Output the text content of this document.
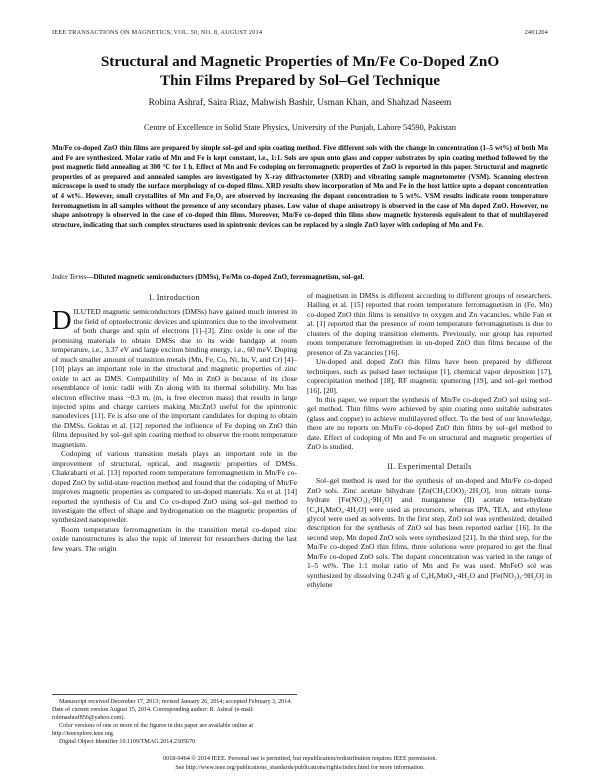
IEEE TRANSACTIONS ON MAGNETICS, VOL. 50, NO. 8, AUGUST 2014	2401204
Structural and Magnetic Properties of Mn/Fe Co-Doped ZnO
Thin Films Prepared by Sol–Gel Technique
Robina Ashraf, Saira Riaz, Mahwish Bashir, Usman Khan, and Shahzad Naseem
Centre of Excellence in Solid State Physics, University of the Punjab, Lahore 54590, Pakistan
Mn/Fe co-doped ZnO thin films are prepared by simple sol–gel and spin coating method. Five different sols with the change in concentration (1–5 wt%) of both Mn and Fe are synthesized. Molar ratio of Mn and Fe is kept constant, i.e., 1:1. Sols are spun onto glass and copper substrates by spin coating method followed by the post magnetic field annealing at 300 °C for 1 h. Effect of Mn and Fe codoping on ferromagnetic properties of ZnO is reported in this paper. Structural and magnetic properties of as prepared and annealed samples are investigated by X-ray diffractometer (XRD) and vibrating sample magnetometer (VSM). Scanning electron microscope is used to study the surface morphology of co-doped films. XRD results show incorporation of Mn and Fe in the host lattice upto a dopant concentration of 4 wt%. However, small crystallites of Mn and Fe₂O₃ are observed by increasing the dopant concentration to 5 wt%. VSM results indicate room temperature ferromagnetism in all samples without the presence of any secondary phases. Low value of shape anisotropy is observed in the case of Mn doped ZnO. However, no shape anisotropy is observed in the case of co-doped thin films. Moreover, Mn/Fe co-doped thin films show magnetic hysteresis equivalent to that of multilayered structure, indicating that such complex structures used in spintronic devices can be replaced by a single ZnO layer with codoping of Mn and Fe.
Index Terms—Diluted magnetic semiconductors (DMSs), Fe/Mn co-doped ZnO, ferromagnetism, sol–gel.
I. Introduction

DILUTED magnetic semiconductors (DMSs) have gained much interest in the field of optoelectronic devices and spintronics due to the involvement of both charge and spin of electrons [1]–[3]. Zinc oxide is one of the promising materials to obtain DMSs due to its wide bandgap at room temperature, i.e., 3.37 eV and large exciton binding energy, i.e., 60 meV. Doping of much smaller amount of transition metals (Mn, Fe, Co, Ni, In, V, and Cr) [4]–[10] plays an important role in the structural and magnetic properties of zinc oxide to act as DMS. Compatibility of Mn in ZnO is because of its close resemblance of ionic radii with Zn along with its thermal solubility. Mn has electron effective mass ~0.3 mₑ (mₑ is free electron mass) that results in large injected spins and charge carriers making Mn:ZnO useful for the spintronic nanodevices [11]. Fe is also one of the important candidates for doping to obtain the DMSs. Goktas et al. [12] reported the influence of Fe doping on ZnO thin films deposited by sol–gel spin coating method to observe the room temperature magnetism.

Codoping of various transition metals plays an important role in the improvement of structural, optical, and magnetic properties of DMSs. Chakrabarti et al. [13] reported room temperature ferromagnetism in Mn/Fe co-doped ZnO by solid-state reaction method and found that the codoping of Mn/Fe improves magnetic properties as compared to un-doped materials. Xu et al. [14] reported the synthesis of Cu and Co co-doped ZnO using sol–gel method to investigate the effect of shape and hydrogenation on the magnetic properties of synthesized nanopowder.

Room temperature ferromagnetism in the transition metal co-doped zinc oxide nanostructures is also the topic of interest for researchers during the last few years. The origin

of magnetism in DMSs is different according to different groups of researchers. Hailing et al. [15] reported that room temperature ferromagnetism in (Fe, Mn) co-doped ZnO thin films is sensitive to oxygen and Zn vacancies, while Fan et al. [1] reported that the presence of room temperature ferromagnetism is due to clusters of the doping transition elements. Previously, our group has reported room temperature ferromagnetism in un-doped ZnO thin films because of the presence of Zn vacancies [16].

Un-doped and doped ZnO thin films have been prepared by different techniques, such as pulsed laser technique [1], chemical vapor deposition [17], coprecipitation method [18], RF magnetic sputtering [19], and sol–gel method [16], [20].

In this paper, we report the synthesis of Mn/Fe co-doped ZnO sol using sol–gel method. Thin films were achieved by spin coating onto suitable substrates (glass and copper) to achieve multilayered effect. To the best of our knowledge, there are no reports on Mn/Fe co-doped ZnO thin films by sol–gel method to date. Effect of codoping of Mn and Fe on structural and magnetic properties of ZnO is studied.

II. Experimental Details

Sol–gel method is used for the synthesis of un-doped and Mn/Fe co-doped ZnO sols. Zinc acetate bihydrate [Zn(CH₃COO)₂·2H₂O], iron nitrate nona-hydrate [Fe(NO₃)₃·9H₂O] and manganese (II) acetate tetra-hydrate [C₄H₆MnO₄·4H₂O] were used as precursors, whereas IPA, TEA, and ethylene glycol were used as solvents. In the first step, ZnO sol was synthesized; detailed description for the synthesis of ZnO sol has been reported earlier [16]. In the second step, Mn doped ZnO sols were synthesized [21]. In the third step, for the Mn/Fe co-doped ZnO thin films, three solutions were prepared to get the final Mn/Fe co-doped ZnO sols. The dopant concentration was varied in the range of 1–5 wt%. The 1:1 molar ratio of Mn and Fe was used. MnFeO sol was synthesized by dissolving 0.245 g of C₄H₆MnO₄·4H₂O and [Fe(NO₃)₃·9H₂O] in ethylene

Manuscript received December 17, 2013; revised January 26, 2014; accepted February 3, 2014. Date of current version August 15, 2014. Corresponding author: R. Ashraf (e-mail: robinashraf856@yahoo.com).
Color versions of one or more of the figures in this paper are available online at http://ieeexplore.ieee.org.
Digital Object Identifier 10.1109/TMAG.2014.2305670
0018-9464 © 2014 IEEE. Personal use is permitted, but republication/redistribution requires IEEE permission.
See http://www.ieee.org/publications_standards/publications/rights/index.html for more information.
